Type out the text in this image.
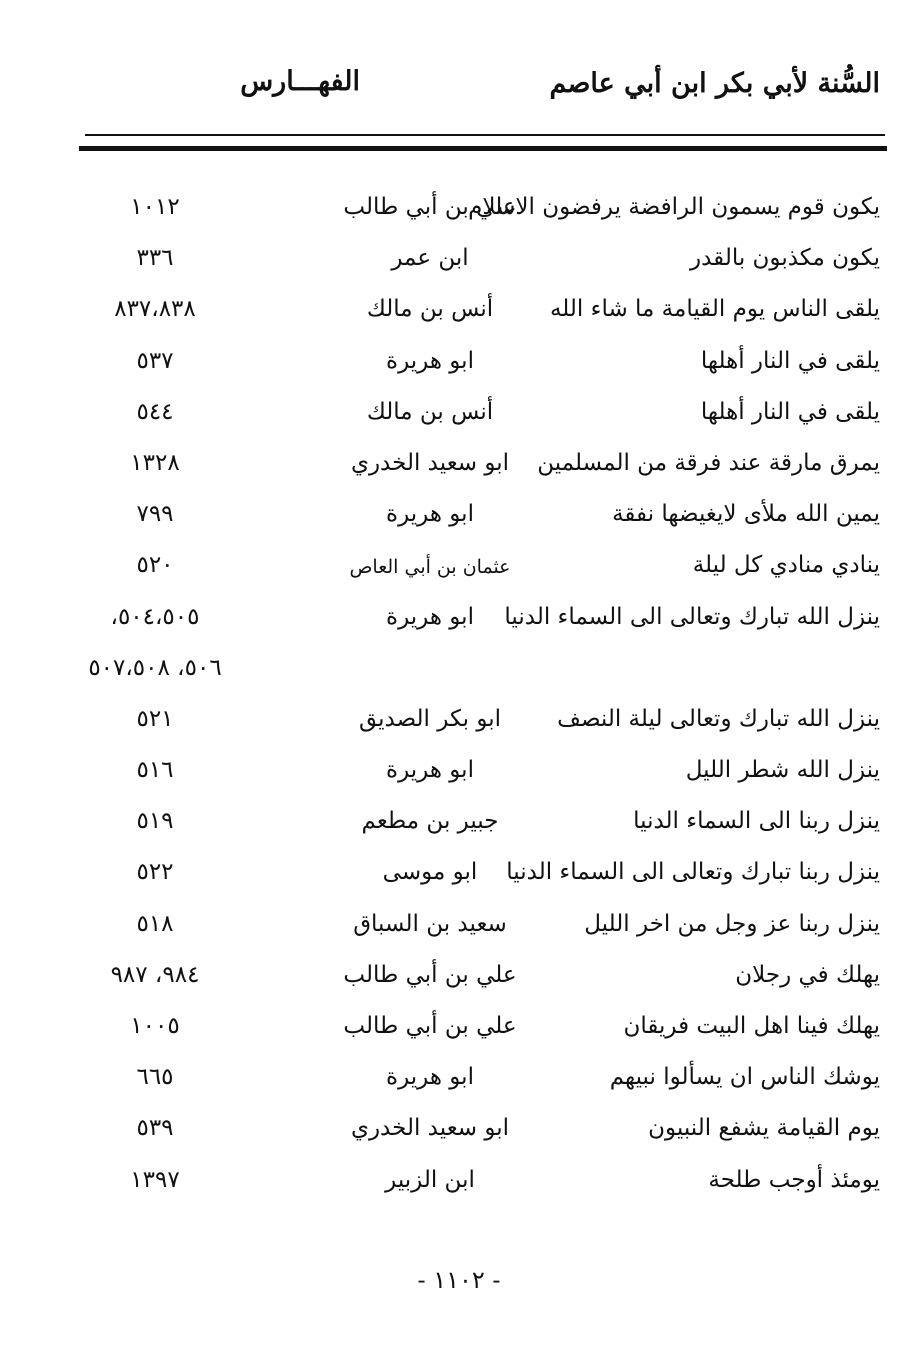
السُّنة لأبي بكر ابن أبي عاصم
الفهـــارس
يكون قوم يسمون الرافضة يرفضون الاسلام
علي بن أبي طالب
١٠١٢
يكون مكذبون بالقدر
ابن عمر
٣٣٦
يلقى الناس يوم القيامة ما شاء الله
أنس بن مالك
٨٣٧،٨٣٨
يلقى في النار أهلها
ابو هريرة
٥٣٧
يلقى في النار أهلها
أنس بن مالك
٥٤٤
يمرق مارقة عند فرقة من المسلمين
ابو سعيد الخدري
١٣٢٨
يمين الله ملأى لايغيضها نفقة
ابو هريرة
٧٩٩
ينادي منادي كل ليلة
عثمان بن أبي العاص
٥٢٠
ينزل الله تبارك وتعالى الى السماء الدنيا
ابو هريرة
٥٠٤،٥٠٥،
٥٠٦، ٥٠٧،٥٠٨
ينزل الله تبارك وتعالى ليلة النصف
ابو بكر الصديق
٥٢١
ينزل الله شطر الليل
ابو هريرة
٥١٦
ينزل ربنا الى السماء الدنيا
جبير بن مطعم
٥١٩
ينزل ربنا تبارك وتعالى الى السماء الدنيا
ابو موسى
٥٢٢
ينزل ربنا عز وجل من اخر الليل
سعيد بن السباق
٥١٨
يهلك في رجلان
علي بن أبي طالب
٩٨٤، ٩٨٧
يهلك فينا اهل البيت فريقان
علي بن أبي طالب
١٠٠٥
يوشك الناس ان يسألوا نبيهم
ابو هريرة
٦٦٥
يوم القيامة يشفع النبيون
ابو سعيد الخدري
٥٣٩
يومئذ أوجب طلحة
ابن الزبير
١٣٩٧
- ١١٠٢ -
